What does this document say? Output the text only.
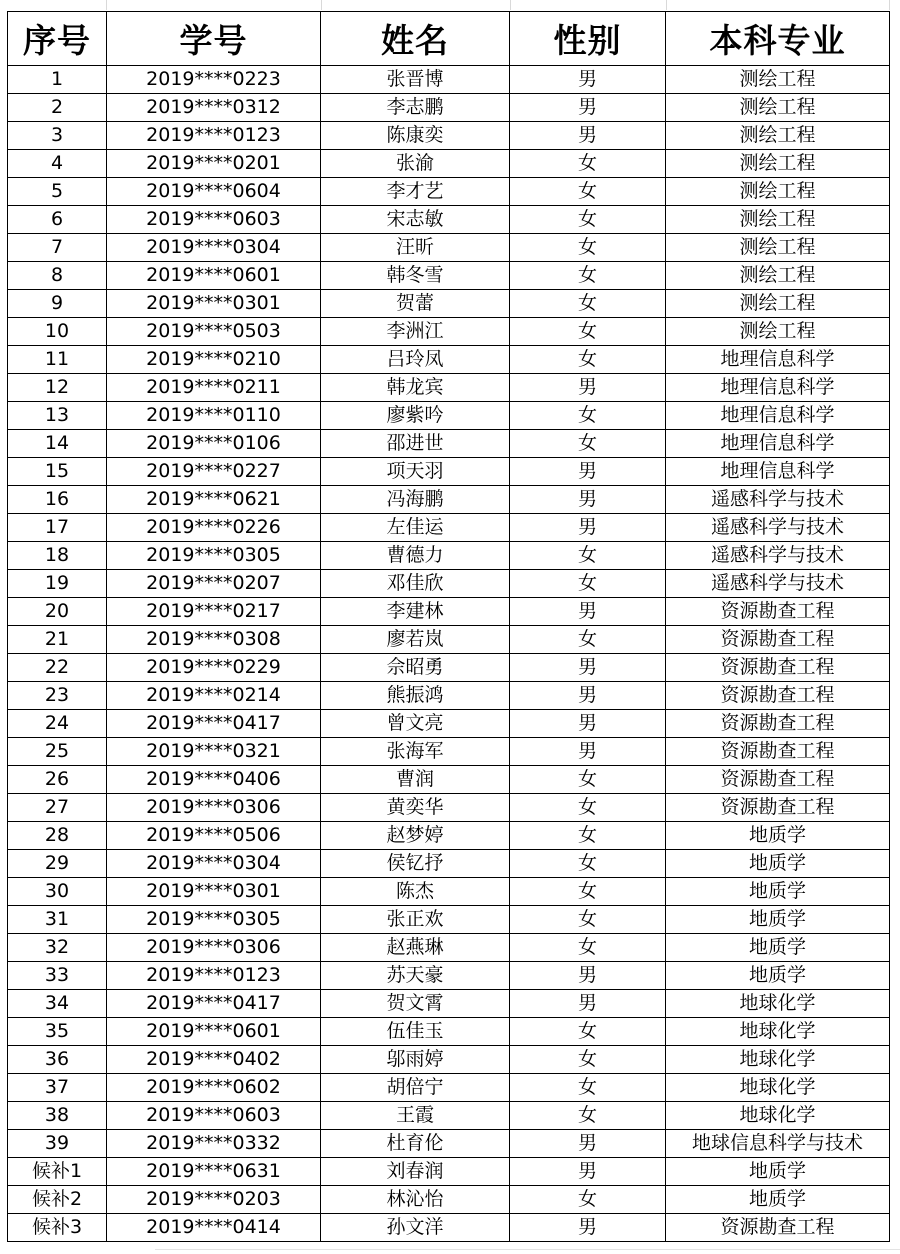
序号	学号	姓名	性别	本科专业
1	2019****0223	张晋博	男	测绘工程
2	2019****0312	李志鹏	男	测绘工程
3	2019****0123	陈康奕	男	测绘工程
4	2019****0201	张渝	女	测绘工程
5	2019****0604	李才艺	女	测绘工程
6	2019****0603	宋志敏	女	测绘工程
7	2019****0304	汪昕	女	测绘工程
8	2019****0601	韩冬雪	女	测绘工程
9	2019****0301	贺蕾	女	测绘工程
10	2019****0503	李洲江	女	测绘工程
11	2019****0210	吕玲凤	女	地理信息科学
12	2019****0211	韩龙宾	男	地理信息科学
13	2019****0110	廖紫吟	女	地理信息科学
14	2019****0106	邵进世	女	地理信息科学
15	2019****0227	项天羽	男	地理信息科学
16	2019****0621	冯海鹏	男	遥感科学与技术
17	2019****0226	左佳运	男	遥感科学与技术
18	2019****0305	曹德力	女	遥感科学与技术
19	2019****0207	邓佳欣	女	遥感科学与技术
20	2019****0217	李建林	男	资源勘查工程
21	2019****0308	廖若岚	女	资源勘查工程
22	2019****0229	佘昭勇	男	资源勘查工程
23	2019****0214	熊振鸿	男	资源勘查工程
24	2019****0417	曾文亮	男	资源勘查工程
25	2019****0321	张海军	男	资源勘查工程
26	2019****0406	曹润	女	资源勘查工程
27	2019****0306	黄奕华	女	资源勘查工程
28	2019****0506	赵梦婷	女	地质学
29	2019****0304	侯钇抒	女	地质学
30	2019****0301	陈杰	女	地质学
31	2019****0305	张正欢	女	地质学
32	2019****0306	赵燕琳	女	地质学
33	2019****0123	苏天豪	男	地质学
34	2019****0417	贺文霄	男	地球化学
35	2019****0601	伍佳玉	女	地球化学
36	2019****0402	邬雨婷	女	地球化学
37	2019****0602	胡倍宁	女	地球化学
38	2019****0603	王霞	女	地球化学
39	2019****0332	杜育伦	男	地球信息科学与技术
候补1	2019****0631	刘春润	男	地质学
候补2	2019****0203	林沁怡	女	地质学
候补3	2019****0414	孙文洋	男	资源勘查工程
